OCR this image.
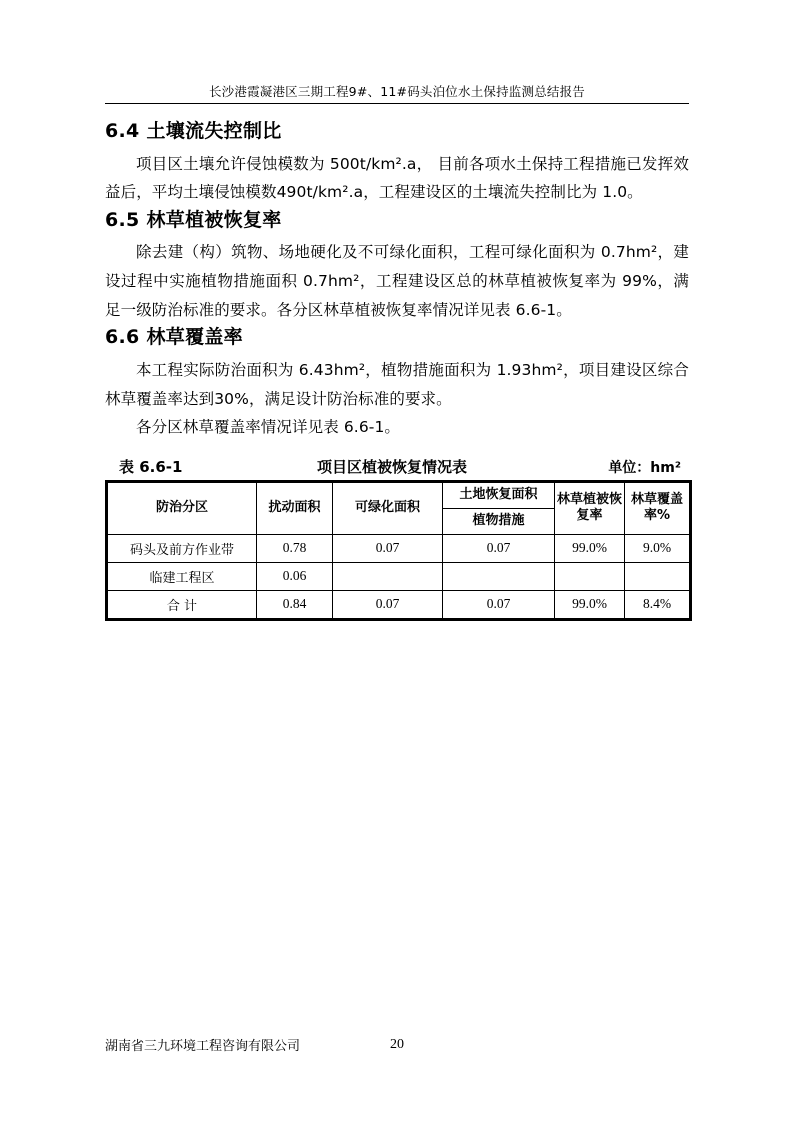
长沙港霞凝港区三期工程9#、11#码头泊位水土保持监测总结报告
6.4 土壤流失控制比

项目区土壤允许侵蚀模数为 500t/km².a， 目前各项水土保持工程措施已发挥效益后，平均土壤侵蚀模数490t/km².a，工程建设区的土壤流失控制比为 1.0。

6.5 林草植被恢复率

除去建（构）筑物、场地硬化及不可绿化面积，工程可绿化面积为 0.7hm²，建设过程中实施植物措施面积 0.7hm²，工程建设区总的林草植被恢复率为 99%，满足一级防治标准的要求。各分区林草植被恢复率情况详见表 6.6-1。

6.6 林草覆盖率

本工程实际防治面积为 6.43hm²，植物措施面积为 1.93hm²，项目建设区综合林草覆盖率达到30%，满足设计防治标准的要求。

各分区林草覆盖率情况详见表 6.6-1。

表 6.6-1	项目区植被恢复情况表	单位：hm²
防治分区	扰动面积	可绿化面积	土地恢复面积	林草植被恢复率	林草覆盖率%
			植物措施		
码头及前方作业带	0.78	0.07	0.07	99.0%	9.0%
临建工程区	0.06				
合 计	0.84	0.07	0.07	99.0%	8.4%
湖南省三九环境工程咨询有限公司	20
